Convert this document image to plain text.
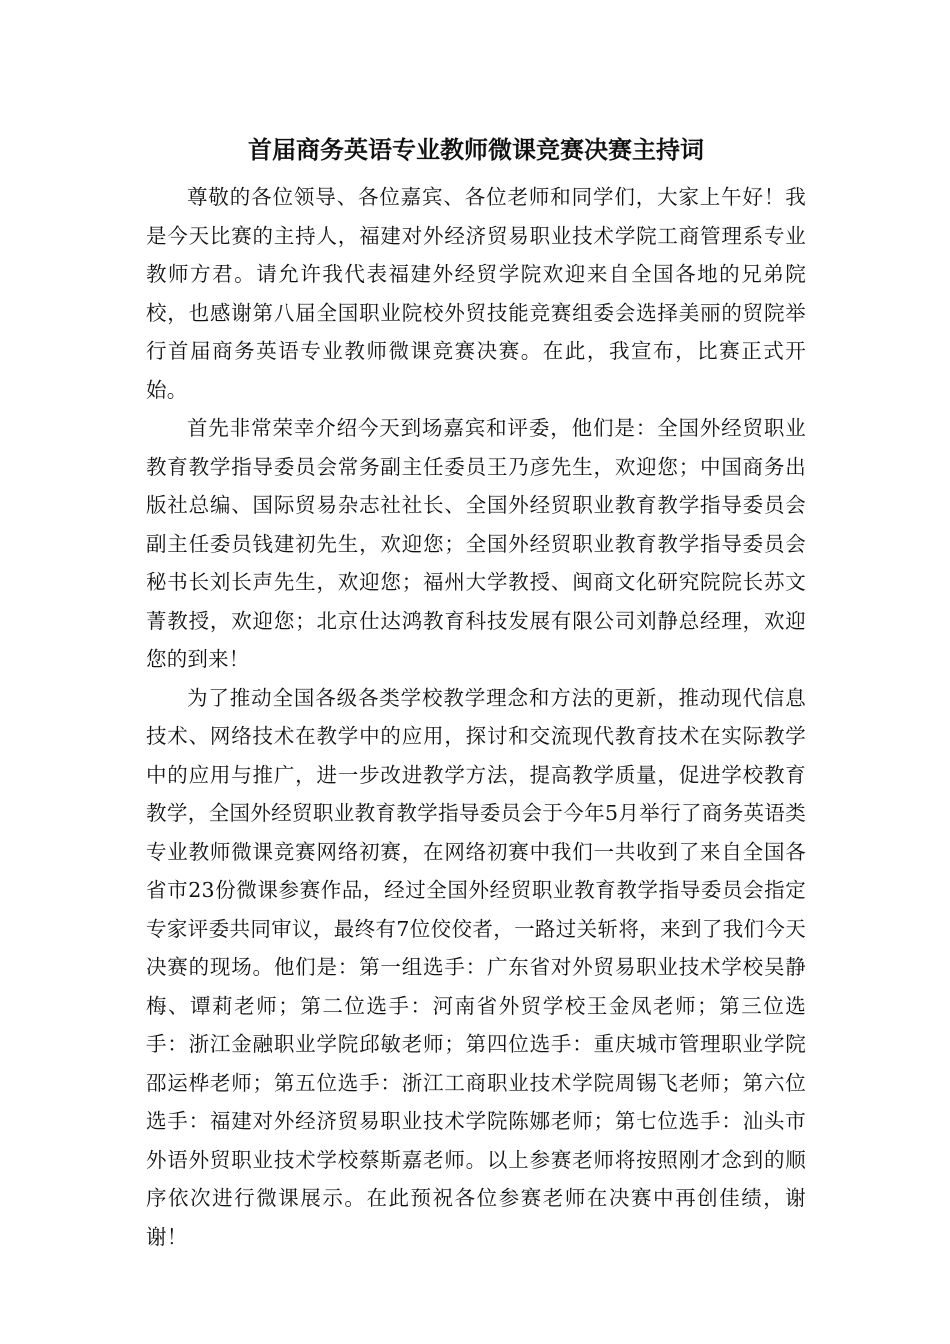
首届商务英语专业教师微课竞赛决赛主持词

尊敬的各位领导、各位嘉宾、各位老师和同学们，大家上午好！我是今天比赛的主持人，福建对外经济贸易职业技术学院工商管理系专业教师方君。请允许我代表福建外经贸学院欢迎来自全国各地的兄弟院校，也感谢第八届全国职业院校外贸技能竞赛组委会选择美丽的贸院举行首届商务英语专业教师微课竞赛决赛。在此，我宣布，比赛正式开始。

首先非常荣幸介绍今天到场嘉宾和评委，他们是：全国外经贸职业教育教学指导委员会常务副主任委员王乃彦先生，欢迎您；中国商务出版社总编、国际贸易杂志社社长、全国外经贸职业教育教学指导委员会副主任委员钱建初先生，欢迎您；全国外经贸职业教育教学指导委员会秘书长刘长声先生，欢迎您；福州大学教授、闽商文化研究院院长苏文菁教授，欢迎您；北京仕达鸿教育科技发展有限公司刘静总经理，欢迎您的到来！

为了推动全国各级各类学校教学理念和方法的更新，推动现代信息技术、网络技术在教学中的应用，探讨和交流现代教育技术在实际教学中的应用与推广，进一步改进教学方法，提高教学质量，促进学校教育教学，全国外经贸职业教育教学指导委员会于今年5月举行了商务英语类专业教师微课竞赛网络初赛，在网络初赛中我们一共收到了来自全国各省市23份微课参赛作品，经过全国外经贸职业教育教学指导委员会指定专家评委共同审议，最终有7位佼佼者，一路过关斩将，来到了我们今天决赛的现场。他们是：第一组选手：广东省对外贸易职业技术学校吴静梅、谭莉老师；第二位选手：河南省外贸学校王金凤老师；第三位选手：浙江金融职业学院邱敏老师；第四位选手：重庆城市管理职业学院邵运桦老师；第五位选手：浙江工商职业技术学院周锡飞老师；第六位选手：福建对外经济贸易职业技术学院陈娜老师；第七位选手：汕头市外语外贸职业技术学校蔡斯嘉老师。以上参赛老师将按照刚才念到的顺序依次进行微课展示。在此预祝各位参赛老师在决赛中再创佳绩，谢谢！
